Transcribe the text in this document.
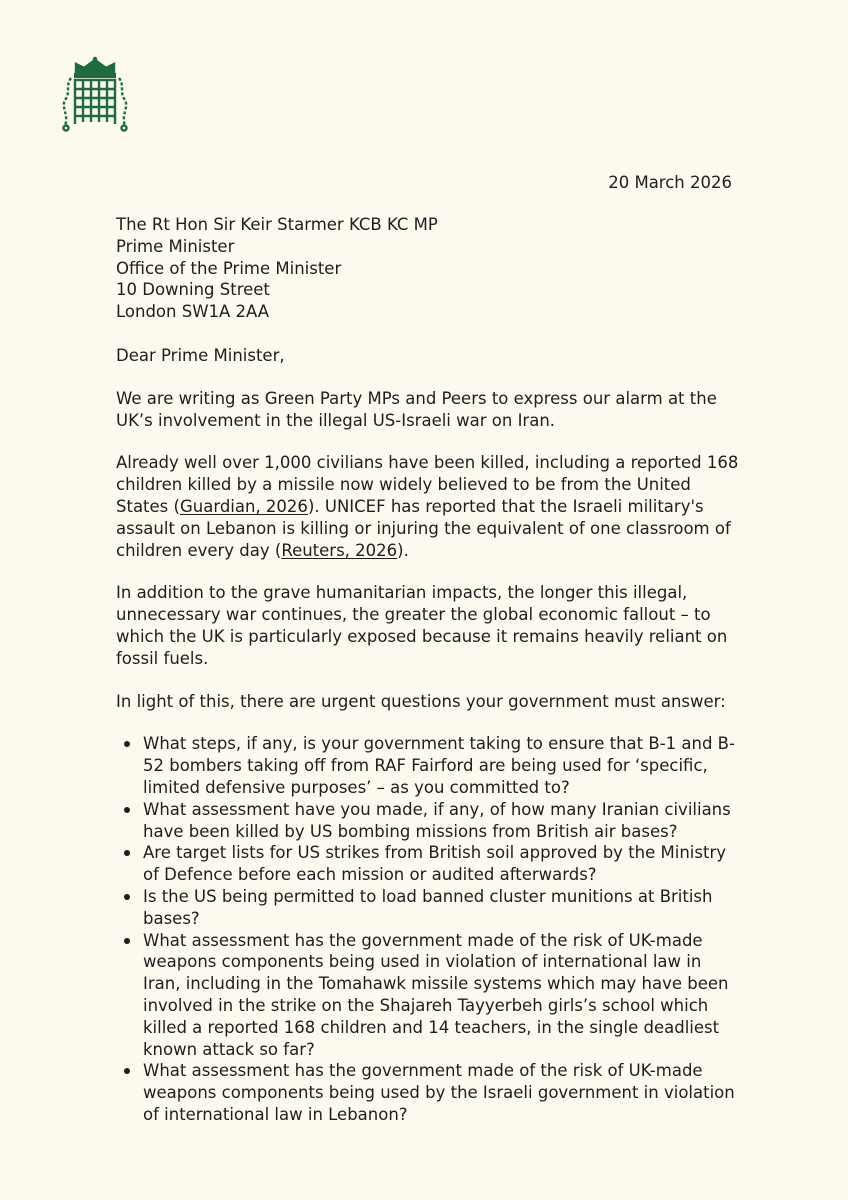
20 March 2026
The Rt Hon Sir Keir Starmer KCB KC MP
Prime Minister
Office of the Prime Minister
10 Downing Street
London SW1A 2AA

Dear Prime Minister,

We are writing as Green Party MPs and Peers to express our alarm at the UK’s involvement in the illegal US-Israeli war on Iran.

Already well over 1,000 civilians have been killed, including a reported 168 children killed by a missile now widely believed to be from the United States (Guardian, 2026). UNICEF has reported that the Israeli military's assault on Lebanon is killing or injuring the equivalent of one classroom of children every day (Reuters, 2026).

In addition to the grave humanitarian impacts, the longer this illegal, unnecessary war continues, the greater the global economic fallout – to which the UK is particularly exposed because it remains heavily reliant on fossil fuels.

In light of this, there are urgent questions your government must answer:

What steps, if any, is your government taking to ensure that B-1 and B-52 bombers taking off from RAF Fairford are being used for ‘specific, limited defensive purposes’ – as you committed to?
What assessment have you made, if any, of how many Iranian civilians have been killed by US bombing missions from British air bases?
Are target lists for US strikes from British soil approved by the Ministry of Defence before each mission or audited afterwards?
Is the US being permitted to load banned cluster munitions at British bases?
What assessment has the government made of the risk of UK-made weapons components being used in violation of international law in Iran, including in the Tomahawk missile systems which may have been involved in the strike on the Shajareh Tayyerbeh girls’s school which killed a reported 168 children and 14 teachers, in the single deadliest known attack so far?
What assessment has the government made of the risk of UK-made weapons components being used by the Israeli government in violation of international law in Lebanon?
